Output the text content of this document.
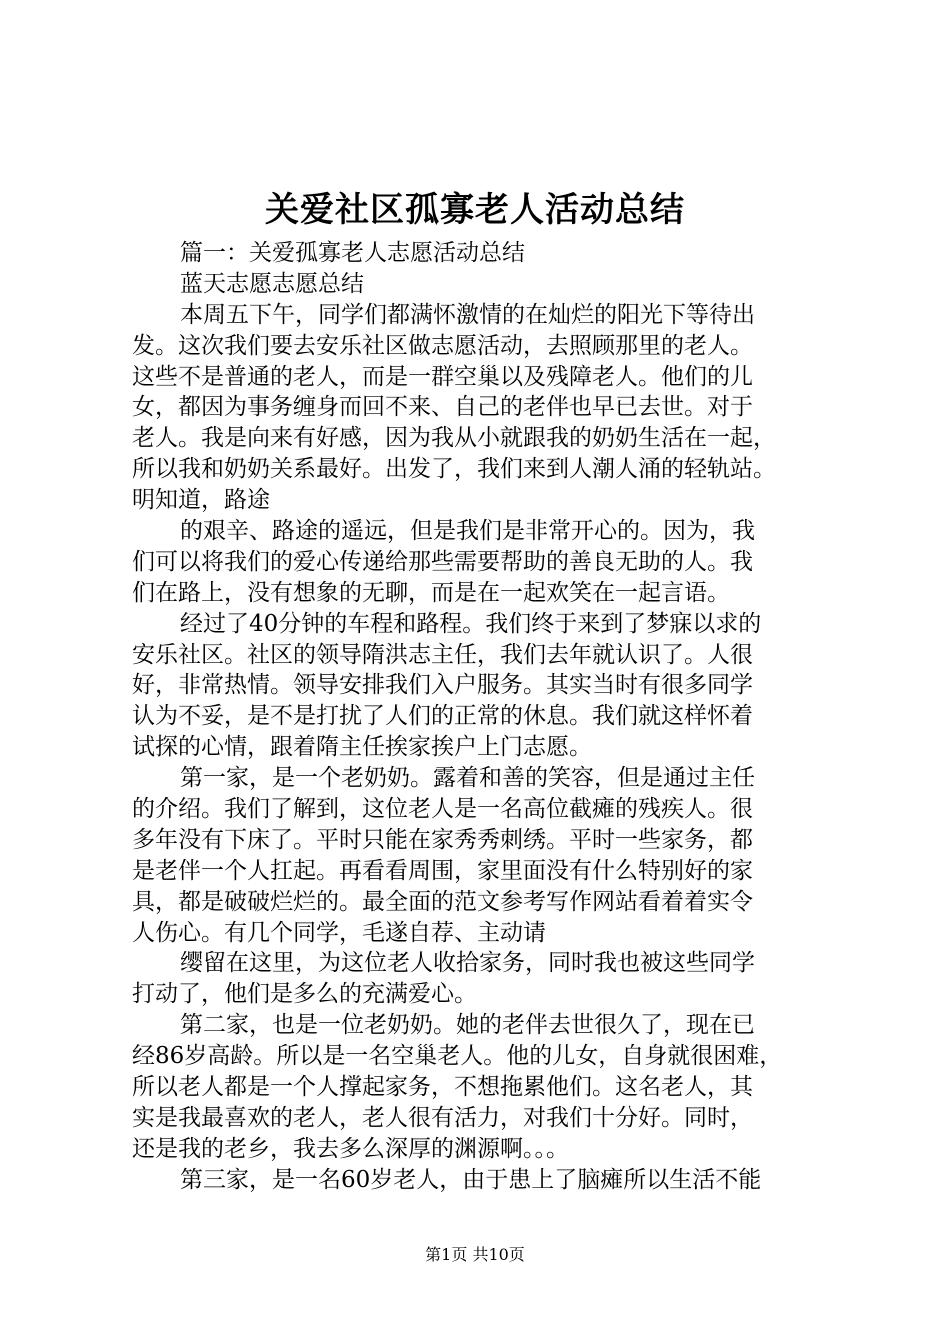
关爱社区孤寡老人活动总结
篇一：关爱孤寡老人志愿活动总结
蓝天志愿志愿总结
本周五下午，同学们都满怀激情的在灿烂的阳光下等待出
发。这次我们要去安乐社区做志愿活动，去照顾那里的老人。
这些不是普通的老人，而是一群空巢以及残障老人。他们的儿
女，都因为事务缠身而回不来、自己的老伴也早已去世。对于
老人。我是向来有好感，因为我从小就跟我的奶奶生活在一起，
所以我和奶奶关系最好。出发了，我们来到人潮人涌的轻轨站。
明知道，路途
的艰辛、路途的遥远，但是我们是非常开心的。因为，我
们可以将我们的爱心传递给那些需要帮助的善良无助的人。我
们在路上，没有想象的无聊，而是在一起欢笑在一起言语。
经过了40分钟的车程和路程。我们终于来到了梦寐以求的
安乐社区。社区的领导隋洪志主任，我们去年就认识了。人很
好，非常热情。领导安排我们入户服务。其实当时有很多同学
认为不妥，是不是打扰了人们的正常的休息。我们就这样怀着
试探的心情，跟着隋主任挨家挨户上门志愿。
第一家，是一个老奶奶。露着和善的笑容，但是通过主任
的介绍。我们了解到，这位老人是一名高位截瘫的残疾人。很
多年没有下床了。平时只能在家秀秀刺绣。平时一些家务，都
是老伴一个人扛起。再看看周围，家里面没有什么特别好的家
具，都是破破烂烂的。最全面的范文参考写作网站看着着实令
人伤心。有几个同学，毛遂自荐、主动请
缨留在这里，为这位老人收拾家务，同时我也被这些同学
打动了，他们是多么的充满爱心。
第二家，也是一位老奶奶。她的老伴去世很久了，现在已
经86岁高龄。所以是一名空巢老人。他的儿女，自身就很困难，
所以老人都是一个人撑起家务，不想拖累他们。这名老人，其
实是我最喜欢的老人，老人很有活力，对我们十分好。同时，
还是我的老乡，我去多么深厚的渊源啊。。。
第三家，是一名60岁老人，由于患上了脑瘫所以生活不能
第1页 共10页
